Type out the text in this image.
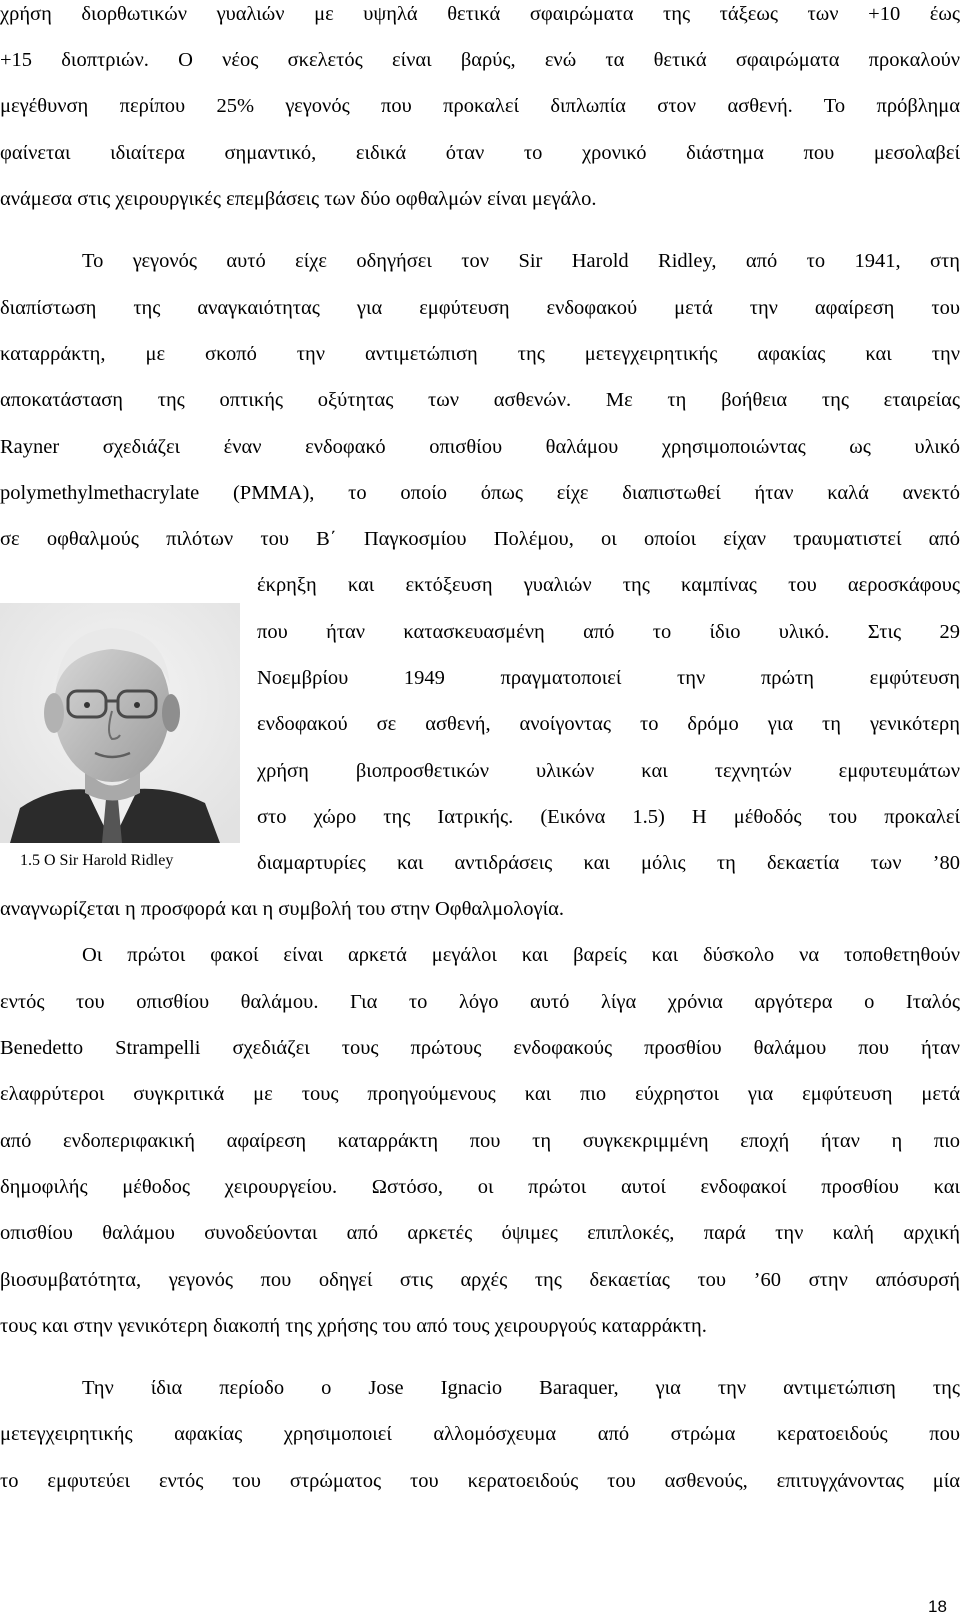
χρήση διορθωτικών γυαλιών με υψηλά θετικά σφαιρώματα της τάξεως των +10 έως
+15 διοπτριών. Ο νέος σκελετός είναι βαρύς, ενώ τα θετικά σφαιρώματα προκαλούν
μεγέθυνση περίπου 25% γεγονός που προκαλεί διπλωπία στον ασθενή. Το πρόβλημα
φαίνεται ιδιαίτερα σημαντικό, ειδικά όταν το χρονικό διάστημα που μεσολαβεί
ανάμεσα στις χειρουργικές επεμβάσεις των δύο οφθαλμών είναι μεγάλο.
Το γεγονός αυτό είχε οδηγήσει τον Sir Harold Ridley, από το 1941, στη
διαπίστωση της αναγκαιότητας για εμφύτευση ενδοφακού μετά την αφαίρεση του
καταρράκτη, με σκοπό την αντιμετώπιση της μετεγχειρητικής αφακίας και την
αποκατάσταση της οπτικής οξύτητας των ασθενών. Με τη βοήθεια της εταιρείας
Rayner σχεδιάζει έναν ενδοφακό οπισθίου θαλάμου χρησιμοποιώντας ως υλικό
polymethylmethacrylate (PMMA), το οποίο όπως είχε διαπιστωθεί ήταν καλά ανεκτό
σε οφθαλμούς πιλότων του Β΄ Παγκοσμίου Πολέμου, οι οποίοι είχαν τραυματιστεί από
έκρηξη και εκτόξευση γυαλιών της καμπίνας του αεροσκάφους
που ήταν κατασκευασμένη από το ίδιο υλικό. Στις 29
Νοεμβρίου 1949 πραγματοποιεί την πρώτη εμφύτευση
ενδοφακού σε ασθενή, ανοίγοντας το δρόμο για τη γενικότερη
χρήση βιοπροσθετικών υλικών και τεχνητών εμφυτευμάτων
στο χώρο της Ιατρικής. (Εικόνα 1.5) Η μέθοδός του προκαλεί
διαμαρτυρίες και αντιδράσεις και μόλις τη δεκαετία των ’80
αναγνωρίζεται η προσφορά και η συμβολή του στην Οφθαλμολογία.
1.5 Ο Sir Harold Ridley
Οι πρώτοι φακοί είναι αρκετά μεγάλοι και βαρείς και δύσκολο να τοποθετηθούν
εντός του οπισθίου θαλάμου. Για το λόγο αυτό λίγα χρόνια αργότερα ο Ιταλός
Benedetto Strampelli σχεδιάζει τους πρώτους ενδοφακούς προσθίου θαλάμου που ήταν
ελαφρύτεροι συγκριτικά με τους προηγούμενους και πιο εύχρηστοι για εμφύτευση μετά
από ενδοπεριφακική αφαίρεση καταρράκτη που τη συγκεκριμμένη εποχή ήταν η πιο
δημοφιλής μέθοδος χειρουργείου. Ωστόσο, οι πρώτοι αυτοί ενδοφακοί προσθίου και
οπισθίου θαλάμου συνοδεύονται από αρκετές όψιμες επιπλοκές, παρά την καλή αρχική
βιοσυμβατότητα, γεγονός που οδηγεί στις αρχές της δεκαετίας του ’60 στην απόσυρσή
τους και στην γενικότερη διακοπή της χρήσης του από τους χειρουργούς καταρράκτη.
Την ίδια περίοδο ο Jose Ignacio Baraquer, για την αντιμετώπιση της
μετεγχειρητικής αφακίας χρησιμοποιεί αλλομόσχευμα από στρώμα κερατοειδούς που
το εμφυτεύει εντός του στρώματος του κερατοειδούς του ασθενούς, επιτυγχάνοντας μία
18
